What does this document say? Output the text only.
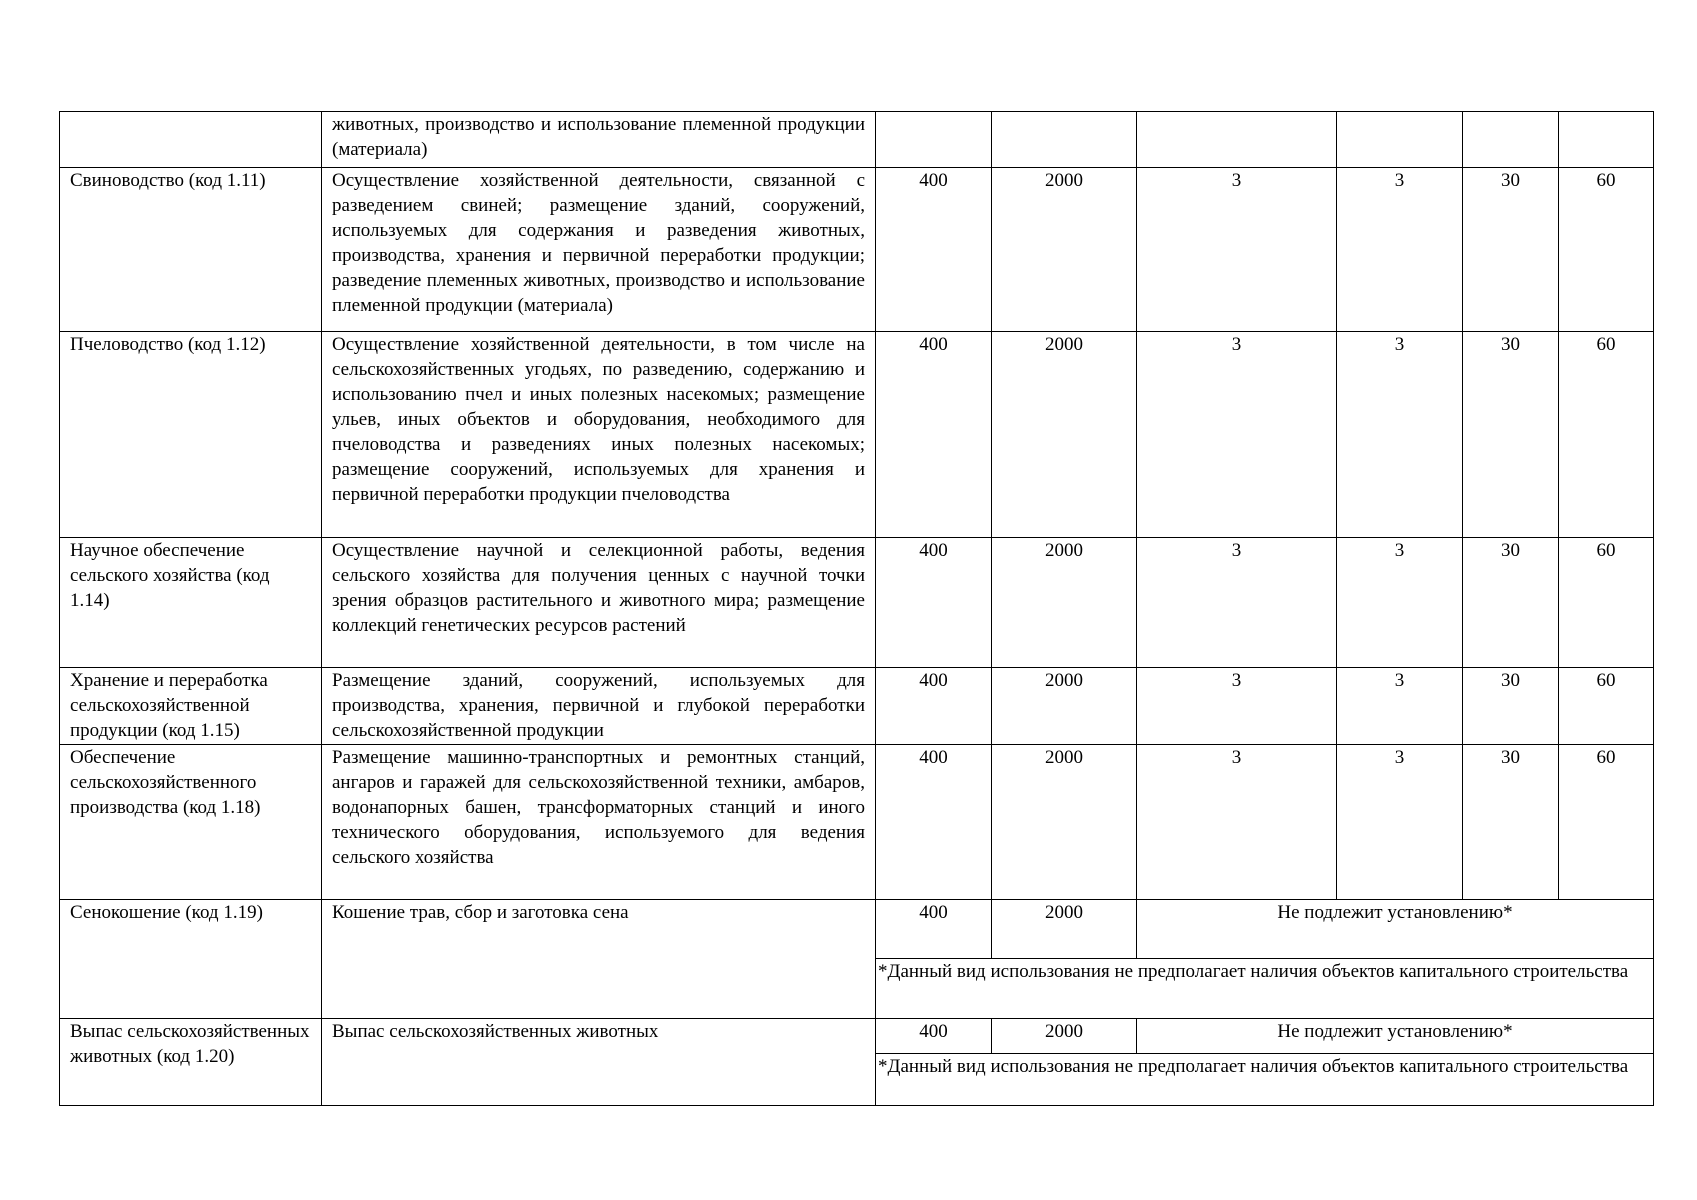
	животных, производство и использование племенной продукции (материала)						
Свиноводство (код 1.11)	Осуществление хозяйственной деятельности, связанной с разведением свиней; размещение зданий, сооружений, используемых для содержания и разведения животных, производства, хранения и первичной переработки продукции; разведение племенных животных, производство и использование племенной продукции (материала)	400	2000	3	3	30	60
Пчеловодство (код 1.12)	Осуществление хозяйственной деятельности, в том числе на сельскохозяйственных угодьях, по разведению, содержанию и использованию пчел и иных полезных насекомых; размещение ульев, иных объектов и оборудования, необходимого для пчеловодства и разведениях иных полезных насекомых; размещение сооружений, используемых для хранения и первичной переработки продукции пчеловодства	400	2000	3	3	30	60
Научное обеспечение сельского хозяйства (код 1.14)	Осуществление научной и селекционной работы, ведения сельского хозяйства для получения ценных с научной точки зрения образцов растительного и животного мира; размещение коллекций генетических ресурсов растений	400	2000	3	3	30	60
Хранение и переработка сельскохозяйственной продукции (код 1.15)	Размещение зданий, сооружений, используемых для производства, хранения, первичной и глубокой переработки сельскохозяйственной продукции	400	2000	3	3	30	60
Обеспечение сельскохозяйственного производства (код 1.18)	Размещение машинно-транспортных и ремонтных станций, ангаров и гаражей для сельскохозяйственной техники, амбаров, водонапорных башен, трансформаторных станций и иного технического оборудования, используемого для ведения сельского хозяйства	400	2000	3	3	30	60
Сенокошение (код 1.19)	Кошение трав, сбор и заготовка сена	400	2000	Не подлежит установлению*			
		*Данный вид использования не предполагает наличия объектов капитального строительства					
Выпас сельскохозяйственных животных (код 1.20)	Выпас сельскохозяйственных животных	400	2000	Не подлежит установлению*			
		*Данный вид использования не предполагает наличия объектов капитального строительства					
